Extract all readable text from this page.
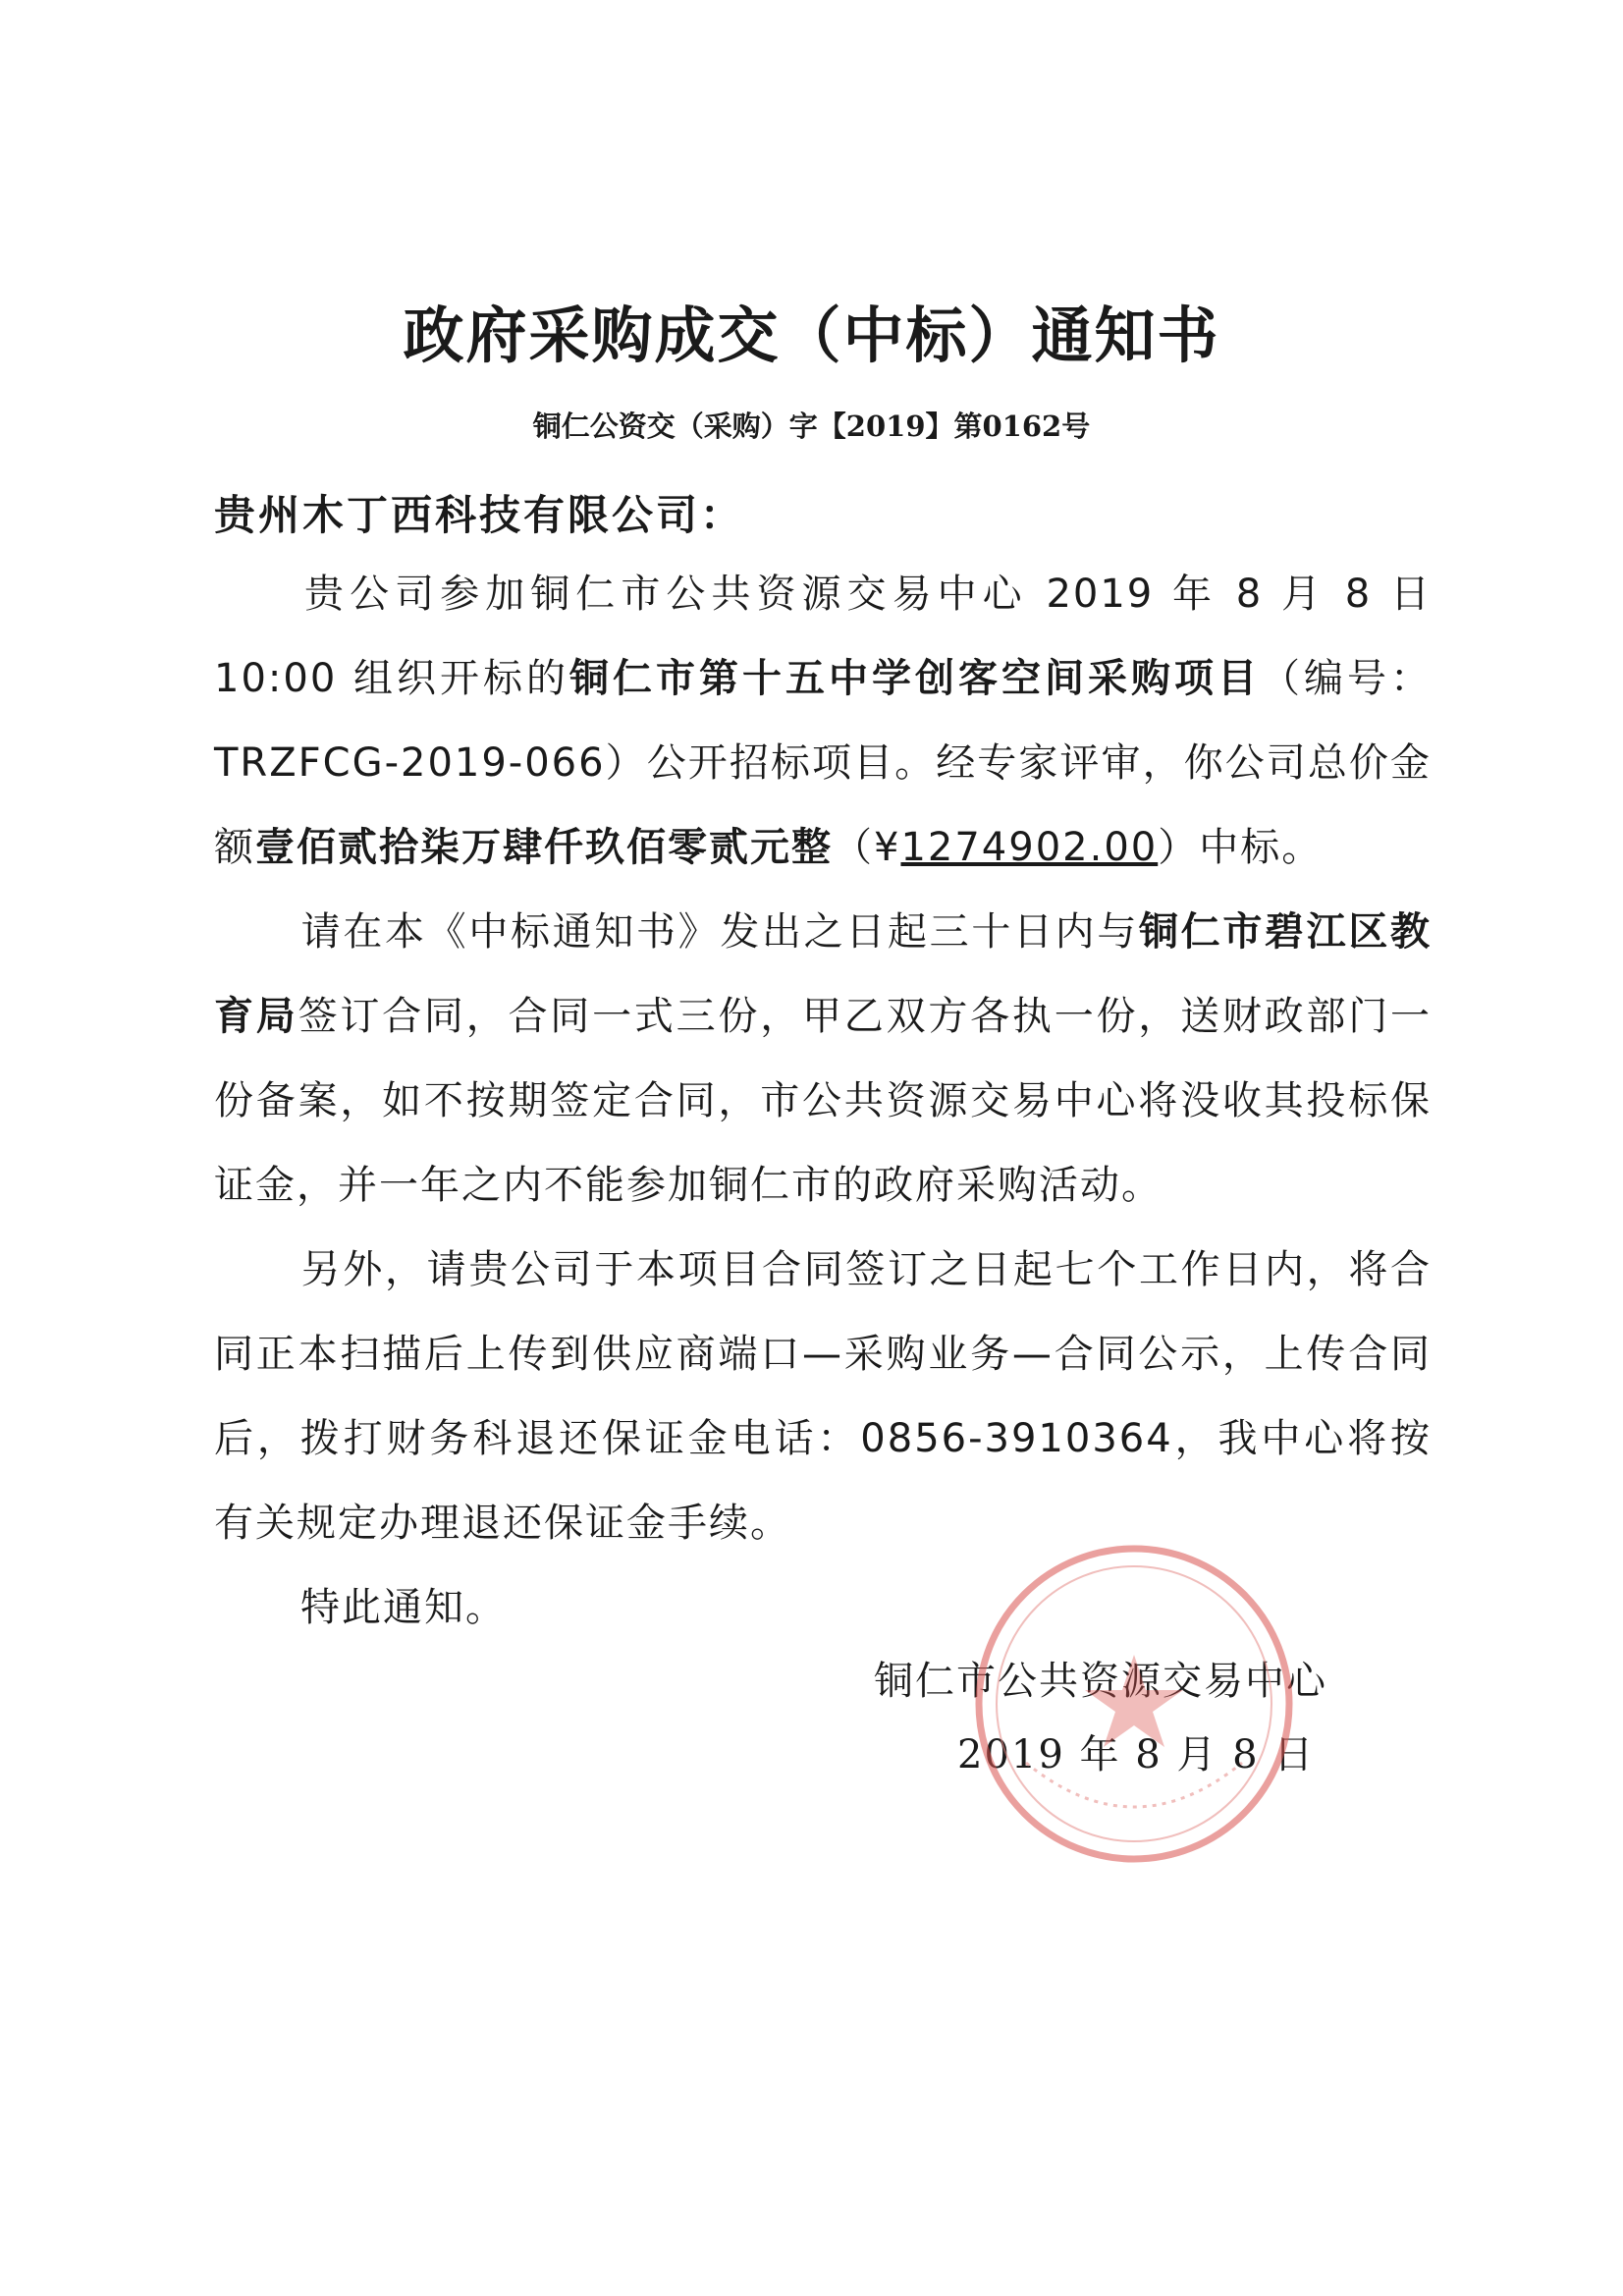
政府采购成交（中标）通知书
铜仁公资交（采购）字【2019】第0162号
贵州木丁西科技有限公司：
贵公司参加铜仁市公共资源交易中心 2019 年 8 月 8 日 10:00 组织开标的铜仁市第十五中学创客空间采购项目（编号：TRZFCG-2019-066）公开招标项目。经专家评审，你公司总价金额壹佰贰拾柒万肆仟玖佰零贰元整（¥1274902.00）中标。
请在本《中标通知书》发出之日起三十日内与铜仁市碧江区教育局签订合同，合同一式三份，甲乙双方各执一份，送财政部门一份备案，如不按期签定合同，市公共资源交易中心将没收其投标保证金，并一年之内不能参加铜仁市的政府采购活动。
另外，请贵公司于本项目合同签订之日起七个工作日内，将合同正本扫描后上传到供应商端口—采购业务—合同公示，上传合同后，拨打财务科退还保证金电话：0856-3910364，我中心将按有关规定办理退还保证金手续。
特此通知。
铜仁市公共资源交易中心
2019 年 8 月 8 日
